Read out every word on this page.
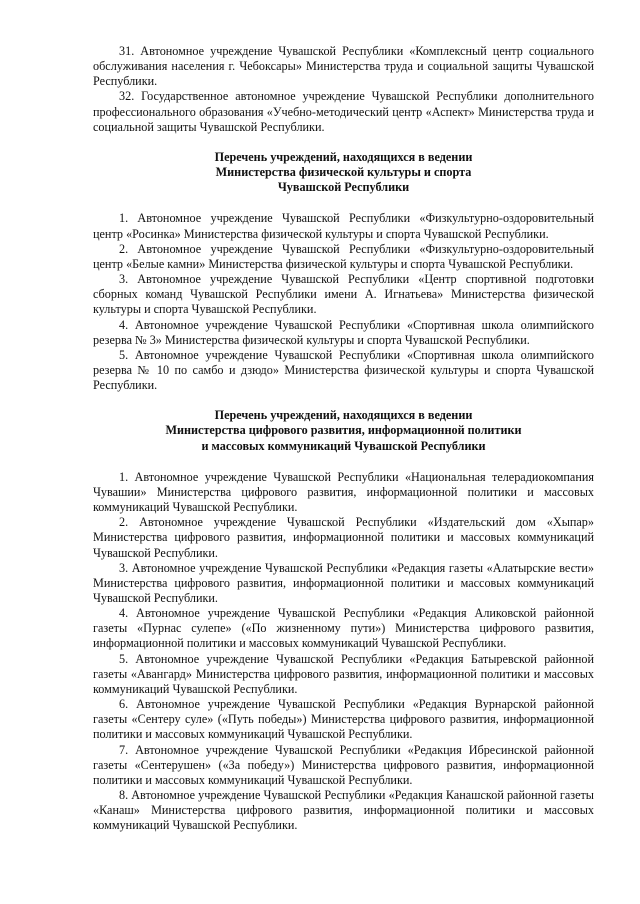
31. Автономное учреждение Чувашской Республики «Комплексный центр социального обслуживания населения г. Чебоксары» Министерства труда и социальной защиты Чувашской Республики.

32. Государственное автономное учреждение Чувашской Республики дополнительного профессионального образования «Учебно-методический центр «Аспект» Министерства труда и социальной защиты Чувашской Республики.

Перечень учреждений, находящихся в ведении
Министерства физической культуры и спорта
Чувашской Республики

1. Автономное учреждение Чувашской Республики «Физкультурно-оздоровительный центр «Росинка» Министерства физической культуры и спорта Чувашской Республики.

2. Автономное учреждение Чувашской Республики «Физкультурно-оздоровительный центр «Белые камни» Министерства физической культуры и спорта Чувашской Республики.

3. Автономное учреждение Чувашской Республики «Центр спортивной подготовки сборных команд Чувашской Республики имени А. Игнатьева» Министерства физической культуры и спорта Чувашской Республики.

4. Автономное учреждение Чувашской Республики «Спортивная школа олимпийского резерва № 3» Министерства физической культуры и спорта Чувашской Республики.

5. Автономное учреждение Чувашской Республики «Спортивная школа олимпийского резерва № 10 по самбо и дзюдо» Министерства физической культуры и спорта Чувашской Республики.

Перечень учреждений, находящихся в ведении
Министерства цифрового развития, информационной политики
и массовых коммуникаций Чувашской Республики

1. Автономное учреждение Чувашской Республики «Национальная телерадиокомпания Чувашии» Министерства цифрового развития, информационной политики и массовых коммуникаций Чувашской Республики.

2. Автономное учреждение Чувашской Республики «Издательский дом «Хыпар» Министерства цифрового развития, информационной политики и массовых коммуникаций Чувашской Республики.

3. Автономное учреждение Чувашской Республики «Редакция газеты «Алатырские вести» Министерства цифрового развития, информационной политики и массовых коммуникаций Чувашской Республики.

4. Автономное учреждение Чувашской Республики «Редакция Аликовской районной газеты «Пурнас сулепе» («По жизненному пути») Министерства цифрового развития, информационной политики и массовых коммуникаций Чувашской Республики.

5. Автономное учреждение Чувашской Республики «Редакция Батыревской районной газеты «Авангард» Министерства цифрового развития, информационной политики и массовых коммуникаций Чувашской Республики.

6. Автономное учреждение Чувашской Республики «Редакция Вурнарской районной газеты «Сентеру суле» («Путь победы») Министерства цифрового развития, информационной политики и массовых коммуникаций Чувашской Республики.

7. Автономное учреждение Чувашской Республики «Редакция Ибресинской районной газеты «Сентерушен» («За победу») Министерства цифрового развития, информационной политики и массовых коммуникаций Чувашской Республики.

8. Автономное учреждение Чувашской Республики «Редакция Канашской районной газеты «Канаш» Министерства цифрового развития, информационной политики и массовых коммуникаций Чувашской Республики.
